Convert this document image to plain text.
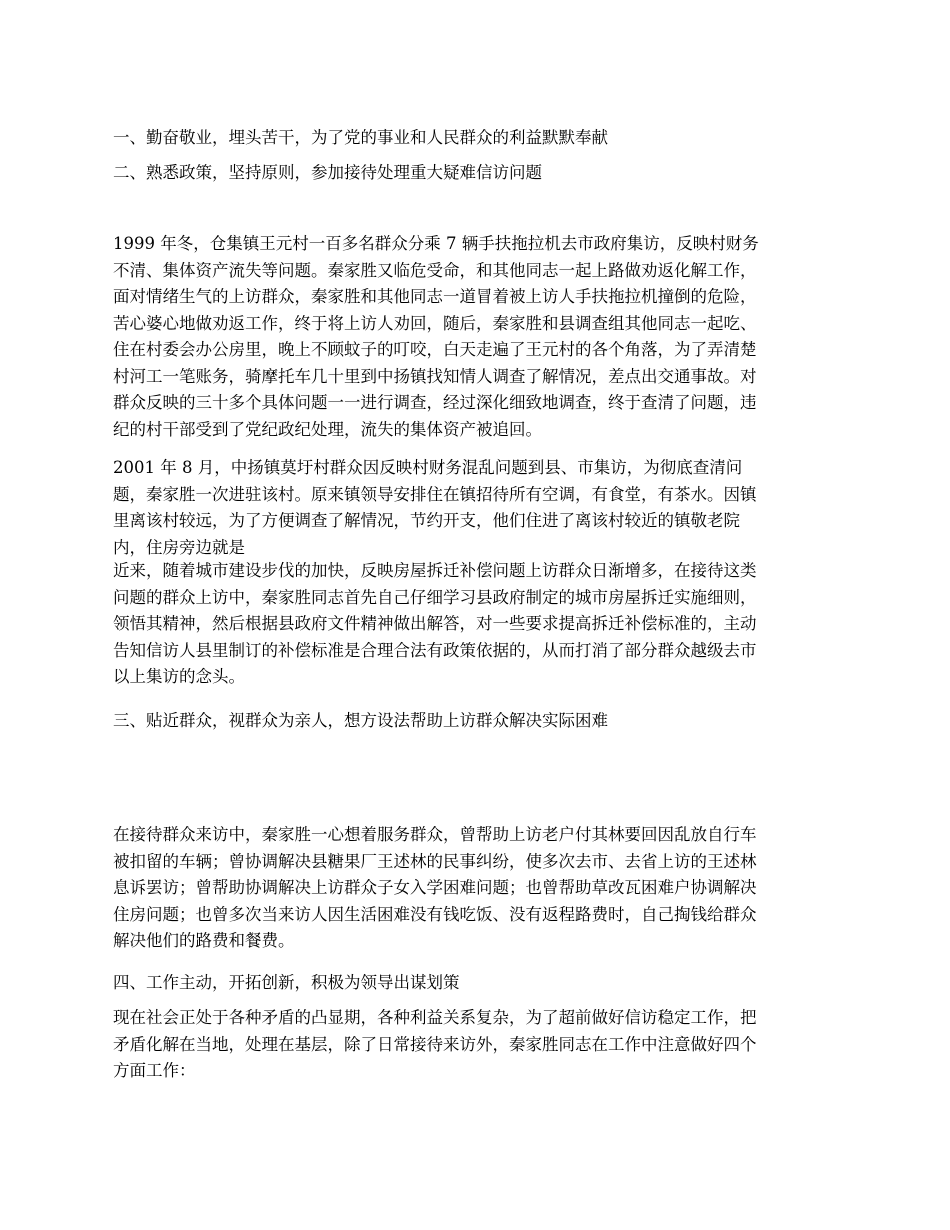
一、勤奋敬业，埋头苦干，为了党的事业和人民群众的利益默默奉献

二、熟悉政策，坚持原则，参加接待处理重大疑难信访问题

1999 年冬，仓集镇王元村一百多名群众分乘 7 辆手扶拖拉机去市政府集访，反映村财务
不清、集体资产流失等问题。秦家胜又临危受命，和其他同志一起上路做劝返化解工作，
面对情绪生气的上访群众，秦家胜和其他同志一道冒着被上访人手扶拖拉机撞倒的危险，
苦心婆心地做劝返工作，终于将上访人劝回，随后，秦家胜和县调查组其他同志一起吃、
住在村委会办公房里，晚上不顾蚊子的叮咬，白天走遍了王元村的各个角落，为了弄清楚
村河工一笔账务，骑摩托车几十里到中扬镇找知情人调查了解情况，差点出交通事故。对
群众反映的三十多个具体问题一一进行调查，经过深化细致地调查，终于查清了问题，违
纪的村干部受到了党纪政纪处理，流失的集体资产被追回。

2001 年 8 月，中扬镇莫圩村群众因反映村财务混乱问题到县、市集访，为彻底查清问
题，秦家胜一次进驻该村。原来镇领导安排住在镇招待所有空调，有食堂，有茶水。因镇
里离该村较远，为了方便调查了解情况，节约开支，他们住进了离该村较近的镇敬老院
内，住房旁边就是

近来，随着城市建设步伐的加快，反映房屋拆迁补偿问题上访群众日渐增多，在接待这类
问题的群众上访中，秦家胜同志首先自己仔细学习县政府制定的城市房屋拆迁实施细则，
领悟其精神，然后根据县政府文件精神做出解答，对一些要求提高拆迁补偿标准的，主动
告知信访人县里制订的补偿标准是合理合法有政策依据的，从而打消了部分群众越级去市
以上集访的念头。

三、贴近群众，视群众为亲人，想方设法帮助上访群众解决实际困难

在接待群众来访中，秦家胜一心想着服务群众，曾帮助上访老户付其林要回因乱放自行车
被扣留的车辆；曾协调解决县糖果厂王述林的民事纠纷，使多次去市、去省上访的王述林
息诉罢访；曾帮助协调解决上访群众子女入学困难问题；也曾帮助草改瓦困难户协调解决
住房问题；也曾多次当来访人因生活困难没有钱吃饭、没有返程路费时，自己掏钱给群众
解决他们的路费和餐费。

四、工作主动，开拓创新，积极为领导出谋划策

现在社会正处于各种矛盾的凸显期，各种利益关系复杂，为了超前做好信访稳定工作，把
矛盾化解在当地，处理在基层，除了日常接待来访外，秦家胜同志在工作中注意做好四个
方面工作：
